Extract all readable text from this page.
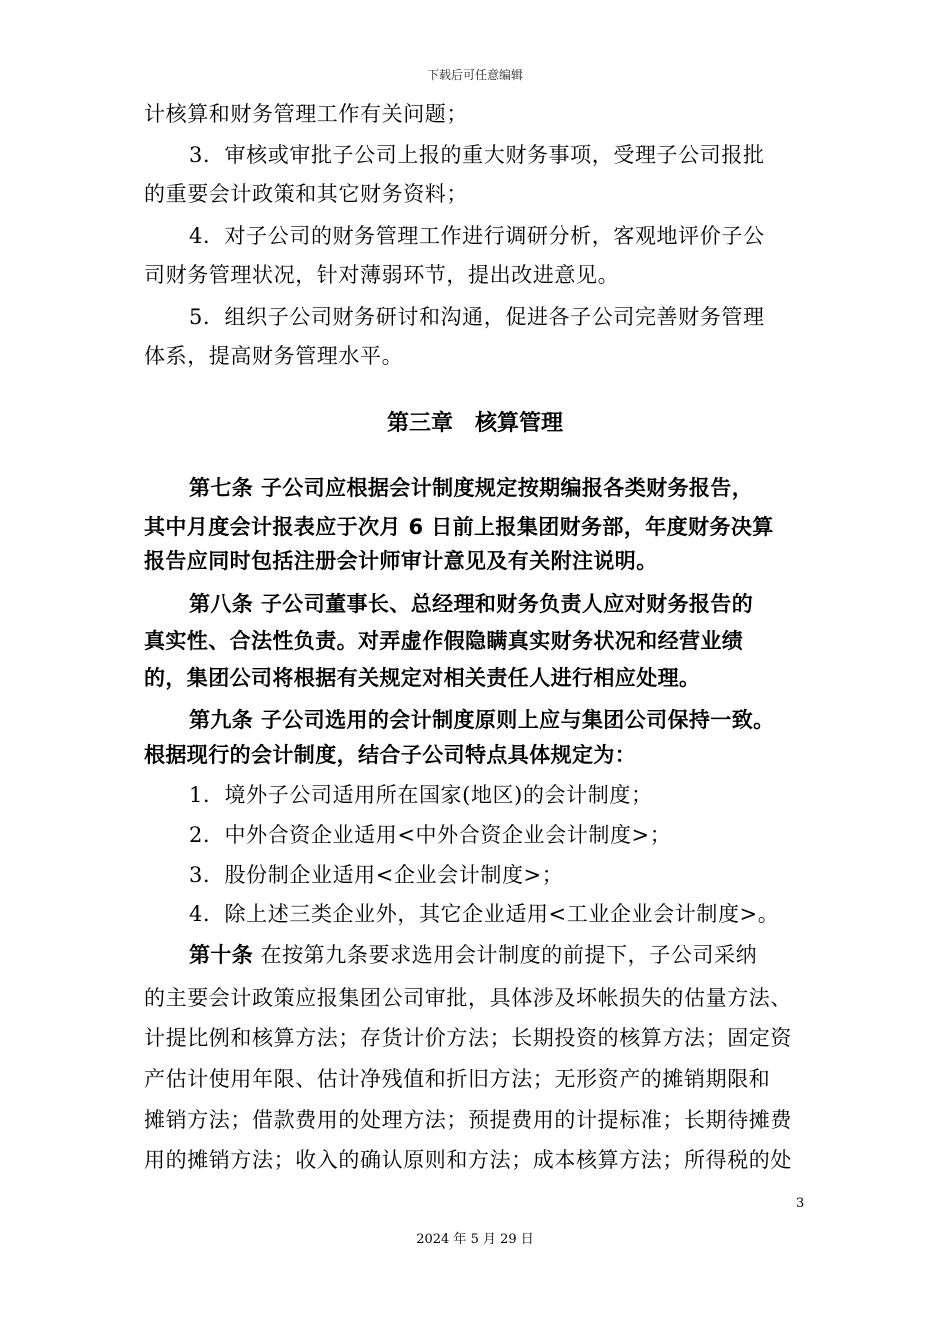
下载后可任意编辑
计核算和财务管理工作有关问题；
3．审核或审批子公司上报的重大财务事项，受理子公司报批
的重要会计政策和其它财务资料；
4．对子公司的财务管理工作进行调研分析，客观地评价子公
司财务管理状况，针对薄弱环节，提出改进意见。
5．组织子公司财务研讨和沟通，促进各子公司完善财务管理
体系，提高财务管理水平。
第三章　核算管理
第七条 子公司应根据会计制度规定按期编报各类财务报告，
其中月度会计报表应于次月 6 日前上报集团财务部，年度财务决算
报告应同时包括注册会计师审计意见及有关附注说明。
第八条 子公司董事长、总经理和财务负责人应对财务报告的
真实性、合法性负责。对弄虚作假隐瞒真实财务状况和经营业绩
的，集团公司将根据有关规定对相关责任人进行相应处理。
第九条 子公司选用的会计制度原则上应与集团公司保持一致。
根据现行的会计制度，结合子公司特点具体规定为：
1．境外子公司适用所在国家(地区)的会计制度；
2．中外合资企业适用<中外合资企业会计制度>；
3．股份制企业适用<企业会计制度>；
4．除上述三类企业外，其它企业适用<工业企业会计制度>。
第十条 在按第九条要求选用会计制度的前提下，子公司采纳
的主要会计政策应报集团公司审批，具体涉及坏帐损失的估量方法、
计提比例和核算方法；存货计价方法；长期投资的核算方法；固定资
产估计使用年限、估计净残值和折旧方法；无形资产的摊销期限和
摊销方法；借款费用的处理方法；预提费用的计提标准；长期待摊费
用的摊销方法；收入的确认原则和方法；成本核算方法；所得税的处
3
2024 年 5 月 29 日
